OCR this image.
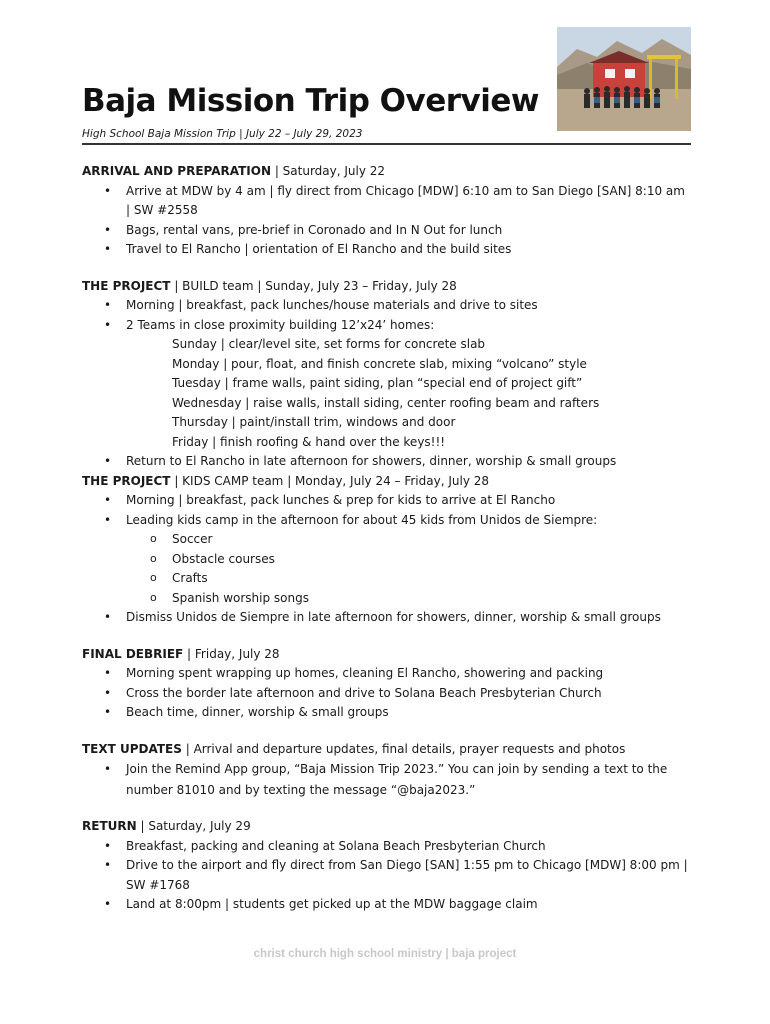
Baja Mission Trip Overview
High School Baja Mission Trip | July 22 – July 29, 2023

ARRIVAL AND PREPARATION | Saturday, July 22

• Arrive at MDW by 4 am | fly direct from Chicago [MDW] 6:10 am to San Diego [SAN] 8:10 am | SW #2558
• Bags, rental vans, pre-brief in Coronado and In N Out for lunch
• Travel to El Rancho | orientation of El Rancho and the build sites

THE PROJECT | BUILD team | Sunday, July 23 – Friday, July 28

• Morning | breakfast, pack lunches/house materials and drive to sites
• 2 Teams in close proximity building 12’x24’ homes:
Sunday | clear/level site, set forms for concrete slab
Monday | pour, float, and finish concrete slab, mixing “volcano” style
Tuesday | frame walls, paint siding, plan “special end of project gift”
Wednesday | raise walls, install siding, center roofing beam and rafters
Thursday | paint/install trim, windows and door
Friday | finish roofing & hand over the keys!!!
• Return to El Rancho in late afternoon for showers, dinner, worship & small groups

THE PROJECT | KIDS CAMP team | Monday, July 24 – Friday, July 28

• Morning | breakfast, pack lunches & prep for kids to arrive at El Rancho
• Leading kids camp in the afternoon for about 45 kids from Unidos de Siempre:
o Soccer
o Obstacle courses
o Crafts
o Spanish worship songs
• Dismiss Unidos de Siempre in late afternoon for showers, dinner, worship & small groups

FINAL DEBRIEF | Friday, July 28

• Morning spent wrapping up homes, cleaning El Rancho, showering and packing
• Cross the border late afternoon and drive to Solana Beach Presbyterian Church
• Beach time, dinner, worship & small groups

TEXT UPDATES | Arrival and departure updates, final details, prayer requests and photos

• Join the Remind App group, “Baja Mission Trip 2023.” You can join by sending a text to the number 81010 and by texting the message “@baja2023.”

RETURN | Saturday, July 29

• Breakfast, packing and cleaning at Solana Beach Presbyterian Church
• Drive to the airport and fly direct from San Diego [SAN] 1:55 pm to Chicago [MDW] 8:00 pm | SW #1768
• Land at 8:00pm | students get picked up at the MDW baggage claim
christ church high school ministry | baja project
